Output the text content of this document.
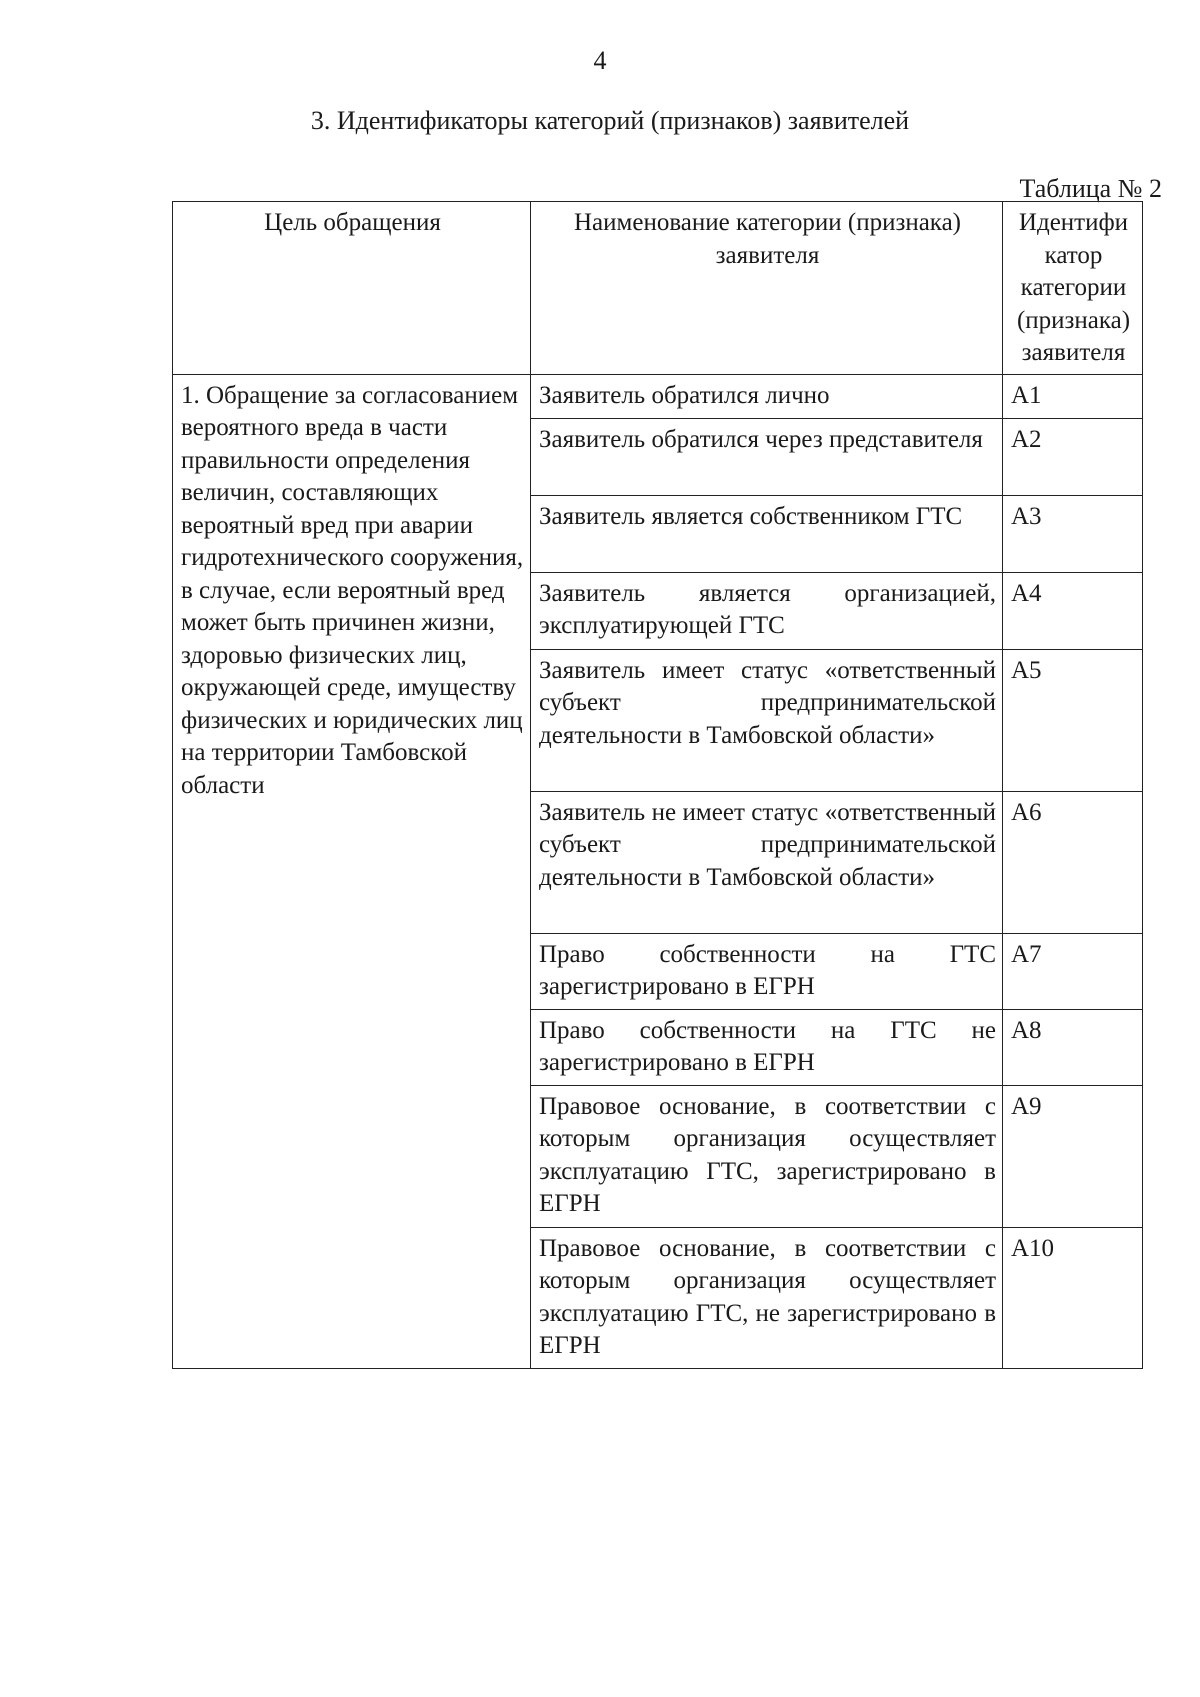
4
3. Идентификаторы категорий (признаков) заявителей
Таблица № 2
Цель обращения	Наименование категории (признака) заявителя	Идентифи катор категории (признака) заявителя
1. Обращение за согласованием вероятного вреда в части правильности определения величин, составляющих вероятный вред при аварии гидротехнического сооружения, в случае, если вероятный вред может быть причинен жизни, здоровью физических лиц, окружающей среде, имуществу физических и юридических лиц на территории Тамбовской области	Заявитель обратился лично	А1
	Заявитель обратился через представителя	А2
	Заявитель является собственником ГТС	А3
	Заявитель является организацией, эксплуатирующей ГТС	А4
	Заявитель имеет статус «ответственный субъект предпринимательской деятельности в Тамбовской области»	А5
	Заявитель не имеет статус «ответственный субъект предпринимательской деятельности в Тамбовской области»	А6
	Право собственности на ГТС зарегистрировано в ЕГРН	А7
	Право собственности на ГТС не зарегистрировано в ЕГРН	А8
	Правовое основание, в соответствии с которым организация осуществляет эксплуатацию ГТС, зарегистрировано в ЕГРН	А9
	Правовое основание, в соответствии с которым организация осуществляет эксплуатацию ГТС, не зарегистрировано в ЕГРН	А10
